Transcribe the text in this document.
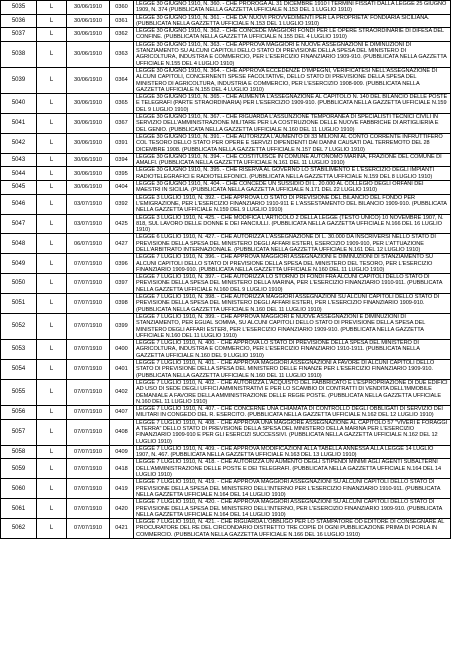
5035	L	30/06/1910	0360	LEGGE 30 GIUGNO 1910, N. 360. - CHE PROROGA AL 31 DICEMBRE 1910 I TERMINI FISSATI DALLA LEGGE 25 GIUGNO 1909, N. 374 (PUBBLICATA NELLA GAZZETTA UFFICIALE N.153 DEL 1 LUGLIO 1910)
5036	L	30/06/1910	0361	LEGGE 30 GIUGNO 1910, N. 361. - CHE DA' NUOVI PROVVEDIMENTI PER LA PROPRIETA' FONDIARIA SICILIANA. (PUBBLICATA NELLA GAZZETTA UFFICIALE N.153 DEL 1 LUGLIO 1910)
5037	L	30/06/1910	0362	LEGGE 30 GIUGNO 1910, N. 362. - CHE CONCEDE MAGGIORI FONDI PER LE OPERE STRAORDINARIE DI DIFESA DEL CONFINE. (PUBBLICATA NELLA GAZZETTA UFFICIALE N.155 DEL 4 LUGLIO 1910)
5038	L	30/06/1910	0363	LEGGE 30 GIUGNO 1910, N. 363. - CHE APPROVA MAGGIORI E NUOVE ASSEGNAZIONI E DIMINUZIONI DI STANZIAMENTO SU ALCUNI CAPITOLI DELLO STATO DI PREVISIONE DELLA SPESA DEL MINISTERO DI AGRICOLTURA, INDUSTRIA E COMMERCIO, PER L'ESERCIZIO FINANZIARIO 1909-910. (PUBBLICATA NELLA GAZZETTA UFFICIALE N.155 DEL 4 LUGLIO 1910)
5039	L	30/06/1910	0364	LEGGE 30 GIUGNO 1910, N. 364. - CHE APPROVA ECCEDENZE D'IMPEGNI, VERIFICATESI NELL'ASSEGNAZIONE DI ALCUNI CAPITOLI, CONCERNENTI SPESE FACOLTATIVE, DELLO STATO DI PREVISIONE DELLA SPESA DEL MINISTERO DI AGRICOLTURA, INDUSTRIA E COMMERCIO, PER L'ESERCIZIO 1908-909. (PUBBLICATA NELLA GAZZETTA UFFICIALE N.155 DEL 4 LUGLIO 1910)
5040	L	30/06/1910	0365	LEGGE 30 GIUGNO 1910, N. 365. - CHE AUMENTA L'ASSEGNAZIONE AL CAPITOLO N. 140 DEL BILANCIO DELLE POSTE E TELEGRAFI (PARTE STRAORDINARIA) PER L'ESERCIZIO 1909-910. (PUBBLICATA NELLA GAZZETTA UFFICIALE N.159 DEL 9 LUGLIO 1910)
5041	L	30/06/1910	0367	LEGGE 30 GIUGNO 1910, N. 367. - CHE RIGUARDA L'ASSUNZIONE TEMPORANEA DI SPECIALISTI TECNICI CIVILI IN SERVIZIO DELL'AMMINISTRAZIONE MILITARE PER LA COSTRUZIONE DELLE NUOVE FABBRICHE DI ARTIGLIERIA E DEL GENIO. (PUBBLICATA NELLA GAZZETTA UFFICIALE N.160 DEL 11 LUGLIO 1910)
5042	L	30/06/1910	0391	LEGGE 30 GIUGNO 1910, N. 391. - CHE AUTORIZZA L'AUMENTO DI 33 MILIONI AL CONTO CORRENTE INFRUTTIFERO COL TESORO DELLO STATO PER OPERE E SERVIZI DIPENDENTI DAI DANNI CAUSATI DAL TERREMOTO DEL 28 DICEMBRE 1908. (PUBBLICATA NELLA GAZZETTA UFFICIALE N.157 DEL 7 LUGLIO 1910)
5043	L	30/06/1910	0394	LEGGE 30 GIUGNO 1910, N. 394. - CHE COSTITUISCE IN COMUNE AUTONOMO MARINA, FRAZIONE DEL COMUNE DI AMALFI. (PUBBLICATA NELLA GAZZETTA UFFICIALE N.161 DEL 11 LUGLIO 1910)
5044	L	30/06/1910	0395	LEGGE 30 GIUGNO 1910, N. 395. - CHE RISERVA AL GOVERNO LO STABILIMENTO E L'ESERCIZIO DEGLI IMPIANTI RADIOTELEGRAFICI E RADIOTELEFONICI. (PUBBLICATA NELLA GAZZETTA UFFICIALE N.159 DEL 8 LUGLIO 1910)
5045	L	30/06/1910	0404	LEGGE 30 GIUGNO 1910, N. 404. - CHE CONCEDE UN SUSSIDIO DI L. 20.000 AL COLLEGIO DEGLI ORFANI DEI MAESTRI IN SICILIA. (PUBBLICATA NELLA GAZZETTA UFFICIALE N.171 DEL 22 LUGLIO 1910)
5046	L	03/07/1910	0392	LEGGE 3 LUGLIO 1910, N. 392. - CHE APPROVA LO STATO DI PREVISIONE DEL BILANCIO DEL FONDO PER L'EMIGRAZIONE, PER L'ESERCIZIO FINANZIARIO 1910-911 E L'ASSESTAMENTO DEL BILANCIO 1909-910. (PUBBLICATA NELLA GAZZETTA UFFICIALE N.159 DEL 9 LUGLIO 1910)
5047	L	03/07/1910	0425	LEGGE 3 LUGLIO 1910, N. 425. - CHE MODIFICA L'ARTICOLO 2 DELLA LEGGE (TESTO UNICO) 10 NOVEMBRE 1907, N. 818, SUL LAVORO DELLE DONNE E DEI FANCIULLI. (PUBBLICATA NELLA GAZZETTA UFFICIALE N.166 DEL 16 LUGLIO 1910)
5048	L	06/07/1910	0427	LEGGE 6 LUGLIO 1910, N. 427. - CHE AUTORIZZA L'ASSEGNAZIONE DI L. 30.000 DA INSCRIVERSI NELLO STATO DI PREVISIONE DELLA SPESA DEL MINISTERO DEGLI AFFARI ESTERI, ESERCIZIO 1909-910, PER L'ATTUAZIONE DELL'ARBITRATO INTERNAZIONALE. (PUBBLICATA NELLA GAZZETTA UFFICIALE N.161 DEL 12 LUGLIO 1910)
5049	L	07/07/1910	0396	LEGGE 7 LUGLIO 1910, N. 396. - CHE APPROVA MAGGIORI ASSEGNAZIONI E DIMINUZIONI DI STANZIAMENTO SU ALCUNI CAPITOLI DELLO STATO DI PREVISIONE DELLA SPESA DEL MINISTERO DEL TESORO, PER L'ESERCIZIO FINANZIARIO 1909-910. (PUBBLICATA NELLA GAZZETTA UFFICIALE N.160 DEL 11 LUGLIO 1910)
5050	L	07/07/1910	0397	LEGGE 7 LUGLIO 1910, N. 397. - CHE AUTORIZZA LO STORNO DI FONDI FRA ALCUNI CAPITOLI DELLO STATO DI PREVISIONE DELLA SPESA DEL MINISTERO DELLA MARINA, PER L'ESERCIZIO FINANZIARIO 1910-911. (PUBBLICATA NELLA GAZZETTA UFFICIALE N.160 DEL 9 LUGLIO 1910)
5051	L	07/07/1910	0398	LEGGE 7 LUGLIO 1910, N. 398. - CHE AUTORIZZA MAGGIORI ASSEGNAZIONI SU ALCUNI CAPITOLI DELLO STATO DI PREVISIONE DELLA SPESA DEL MINISTERO DEGLI AFFARI ESTERI, PER L'ESERCIZIO FINANZIARIO 1909-910. (PUBBLICATA NELLA GAZZETTA UFFICIALE N.160 DEL 11 LUGLIO 1910)
5052	L	07/07/1910	0399	LEGGE 7 LUGLIO 1910, N. 399. - CHE APPROVA MAGGIORI E NUOVE ASSEGNAZIONI E DIMINUZIONI DI STANZIAMENTO, PER EGUAL SOMMA, SU ALCUNI CAPITOLI DELLO STATO DI PREVISIONE DELLA SPESA DEL MINISTERO DEGLI AFFARI ESTERI, PER L'ESERCIZIO FINANZIARIO 1909-910. (PUBBLICATA NELLA GAZZETTA UFFICIALE N.160 DEL 11 LUGLIO 1910)
5053	L	07/07/1910	0400	LEGGE 7 LUGLIO 1910, N. 400. - CHE APPROVA LO STATO DI PREVISIONE DELLA SPESA DEL MINISTERO DI AGRICOLTURA, INDUSTRIA E COMMERCIO, PER L'ESERCIZIO FINANZIARIO 1910-1911. (PUBBLICATA NELLA GAZZETTA UFFICIALE N.160 DEL 9 LUGLIO 1910)
5054	L	07/07/1910	0401	LEGGE 7 LUGLIO 1910, N. 401. - CHE APPROVA MAGGIORI ASSEGNAZIONI A FAVORE DI ALCUNI CAPITOLI DELLO STATO DI PREVISIONE DELLA SPESA DEL MINISTERO DELLE FINANZE PER L'ESERCIZIO FINANZIARIO 1909-910. (PUBBLICATA NELLA GAZZETTA UFFICIALE N.160 DEL 11 LUGLIO 1910)
5055	L	07/07/1910	0402	LEGGE 7 LUGLIO 1910, N. 402. - CHE AUTORIZZA L'ACQUISTO DEL FABBRICATO E L'ESPROPRIAZIONE DI DUE EDIFICI AD USO DI SEDE DEGLI UFFICI AMMINISTRATIVI E PER LO SCAMBIO DI CONTRATTI DI VENDITA DELL'IMMOBILE DEMANIALE A FAVORE DELLA AMMINISTRAZIONE DELLE REGIE POSTE. (PUBBLICATA NELLA GAZZETTA UFFICIALE N.160 DEL 11 LUGLIO 1910)
5056	L	07/07/1910	0407	LEGGE 7 LUGLIO 1910, N. 407. - CHE CONCERNE UNA CHIAMATA DI CONTROLLO DEGLI OBBLIGATI DI SERVIZIO DEI MILITARI IN CONGEDO DEL R. ESERCITO. (PUBBLICATA NELLA GAZZETTA UFFICIALE N.162 DEL 12 LUGLIO 1910)
5057	L	07/07/1910	0408	LEGGE 7 LUGLIO 1910, N. 408. - CHE APPROVA UNA MAGGIORE ASSEGNAZIONE AL CAPITOLO 57 "VIVERI E FORAGGI A TERRA" DELLO STATO DI PREVISIONE DELLA SPESA DEL MINISTERO DELLA MARINA PER L'ESERCIZIO FINANZIARIO 1909-910 E PER GLI ESERCIZI SUCCESSIVI. (PUBBLICATA NELLA GAZZETTA UFFICIALE N.162 DEL 12 LUGLIO 1910)
5058	L	07/07/1910	0409	LEGGE 7 LUGLIO 1910, N. 409. - CHE APPROVA MODIFICAZIONI ALLA TABELLA ANNESSA ALLA LEGGE 14 LUGLIO 1907, N. 467. (PUBBLICATA NELLA GAZZETTA UFFICIALE N.163 DEL 13 LUGLIO 1910)
5059	L	07/07/1910	0418	LEGGE 7 LUGLIO 1910, N. 418. - CHE AUTORIZZA UN AUMENTO DEGLI STIPENDI MINIMI AGLI AGENTI SUBALTERNI DELL'AMMINISTRAZIONE DELLE POSTE E DEI TELEGRAFI. (PUBBLICATA NELLA GAZZETTA UFFICIALE N.164 DEL 14 LUGLIO 1910)
5060	L	07/07/1910	0419	LEGGE 7 LUGLIO 1910, N. 419. - CHE APPROVA MAGGIORI ASSEGNAZIONI SU ALCUNI CAPITOLI DELLO STATO DI PREVISIONE DELLA SPESA DEL MINISTERO DELL'INTERNO PER L'ESERCIZIO FINANZIARIO 1910-911. (PUBBLICATA NELLA GAZZETTA UFFICIALE N.164 DEL 14 LUGLIO 1910)
5061	L	07/07/1910	0420	LEGGE 7 LUGLIO 1910, N. 420. - CHE APPROVA MAGGIORI ASSEGNAZIONI SU ALCUNI CAPITOLI DELLO STATO DI PREVISIONE DELLA SPESA DEL MINISTERO DELL'INTERNO, PER L'ESERCIZIO FINANZIARIO 1909-910. (PUBBLICATA NELLA GAZZETTA UFFICIALE N.164 DEL 14 LUGLIO 1910)
5062	L	07/07/1910	0421	LEGGE 7 LUGLIO 1910, N. 421. - CHE RIGUARDA L'OBBLIGO PER LO STAMPATORE OD EDITORE DI CONSEGNARE AL PROCURATORE DEL RE DEL CIRCONDARIO DISTRETTO TRE COPIE DI OGNI PUBBLICAZIONE PRIMA DI PORLA IN COMMERCIO. (PUBBLICATA NELLA GAZZETTA UFFICIALE N.166 DEL 16 LUGLIO 1910)
